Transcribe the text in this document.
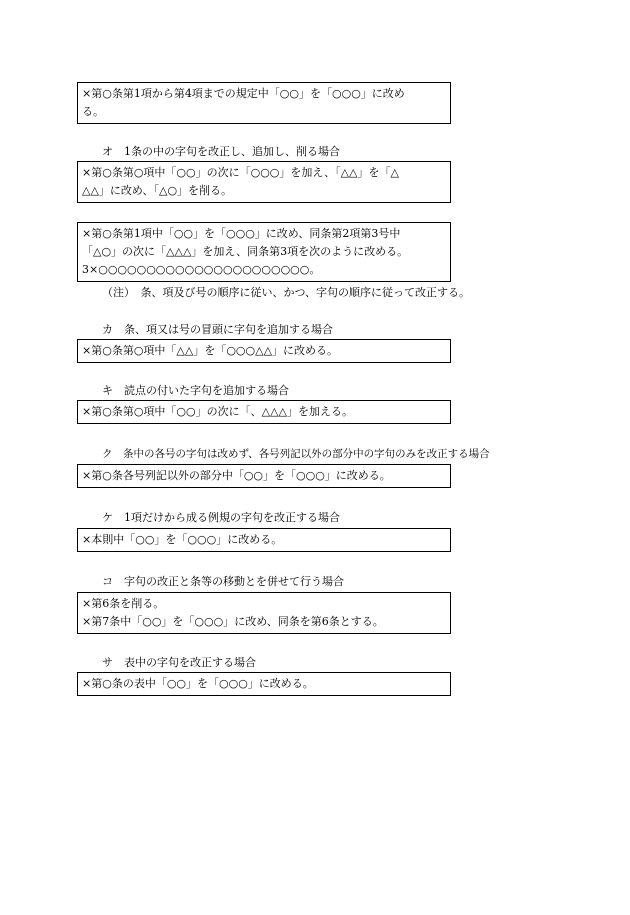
×第○条第1項から第4項までの規定中「○○」を「○○○」に改め
る。
オ　1条の中の字句を改正し、追加し、削る場合
×第○条第○項中「○○」の次に「○○○」を加え、「△△」を「△
△△」に改め、「△○」を削る。
×第○条第1項中「○○」を「○○○」に改め、同条第2項第3号中
「△○」の次に「△△△」を加え、同条第3項を次のように改める。
3×○○○○○○○○○○○○○○○○○○○○○○。
（注）　条、項及び号の順序に従い、かつ、字句の順序に従って改正する。
カ　条、項又は号の冒頭に字句を追加する場合
×第○条第○項中「△△」を「○○○△△」に改める。
キ　読点の付いた字句を追加する場合
×第○条第○項中「○○」の次に「、△△△」を加える。
ク　条中の各号の字句は改めず、各号列記以外の部分中の字句のみを改正する場合
×第○条各号列記以外の部分中「○○」を「○○○」に改める。
ケ　1項だけから成る例規の字句を改正する場合
×本則中「○○」を「○○○」に改める。
コ　字句の改正と条等の移動とを併せて行う場合
×第6条を削る。
×第7条中「○○」を「○○○」に改め、同条を第6条とする。
サ　表中の字句を改正する場合
×第○条の表中「○○」を「○○○」に改める。
